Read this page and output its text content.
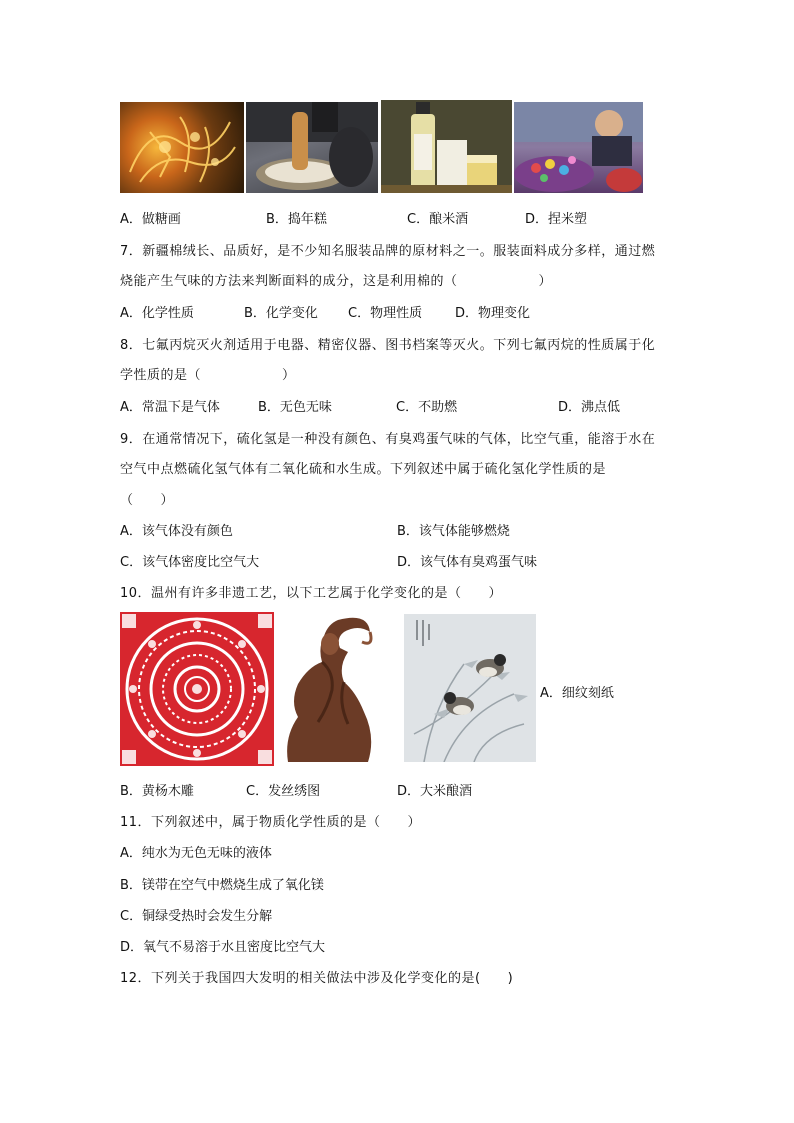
A．做糖画	B．捣年糕	C．酿米酒	D．捏米塑
7．新疆棉绒长、品质好，是不少知名服装品牌的原材料之一。服装面料成分多样，通过燃
烧能产生气味的方法来判断面料的成分，这是利用棉的（　　　　　　）
A．化学性质	B．化学变化 C．物理性质	D．物理变化
8．七氟丙烷灭火剂适用于电器、精密仪器、图书档案等灭火。下列七氟丙烷的性质属于化
学性质的是（　　　　　　）
A．常温下是气体	B．无色无味	C．不助燃	D．沸点低
9．在通常情况下，硫化氢是一种没有颜色、有臭鸡蛋气味的气体，比空气重，能溶于水在
空气中点燃硫化氢气体有二氧化硫和水生成。下列叙述中属于硫化氢化学性质的是
（　　）
A．该气体没有颜色	B．该气体能够燃烧
C．该气体密度比空气大	D．该气体有臭鸡蛋气味
10．温州有许多非遗工艺，以下工艺属于化学变化的是（　　）
A．细纹刻纸
B．黄杨木雕	C．发丝绣图	D．大米酿酒
11．下列叙述中，属于物质化学性质的是（　　）
A．纯水为无色无味的液体
B．镁带在空气中燃烧生成了氧化镁
C．铜绿受热时会发生分解
D．氧气不易溶于水且密度比空气大
12．下列关于我国四大发明的相关做法中涉及化学变化的是(　　)
